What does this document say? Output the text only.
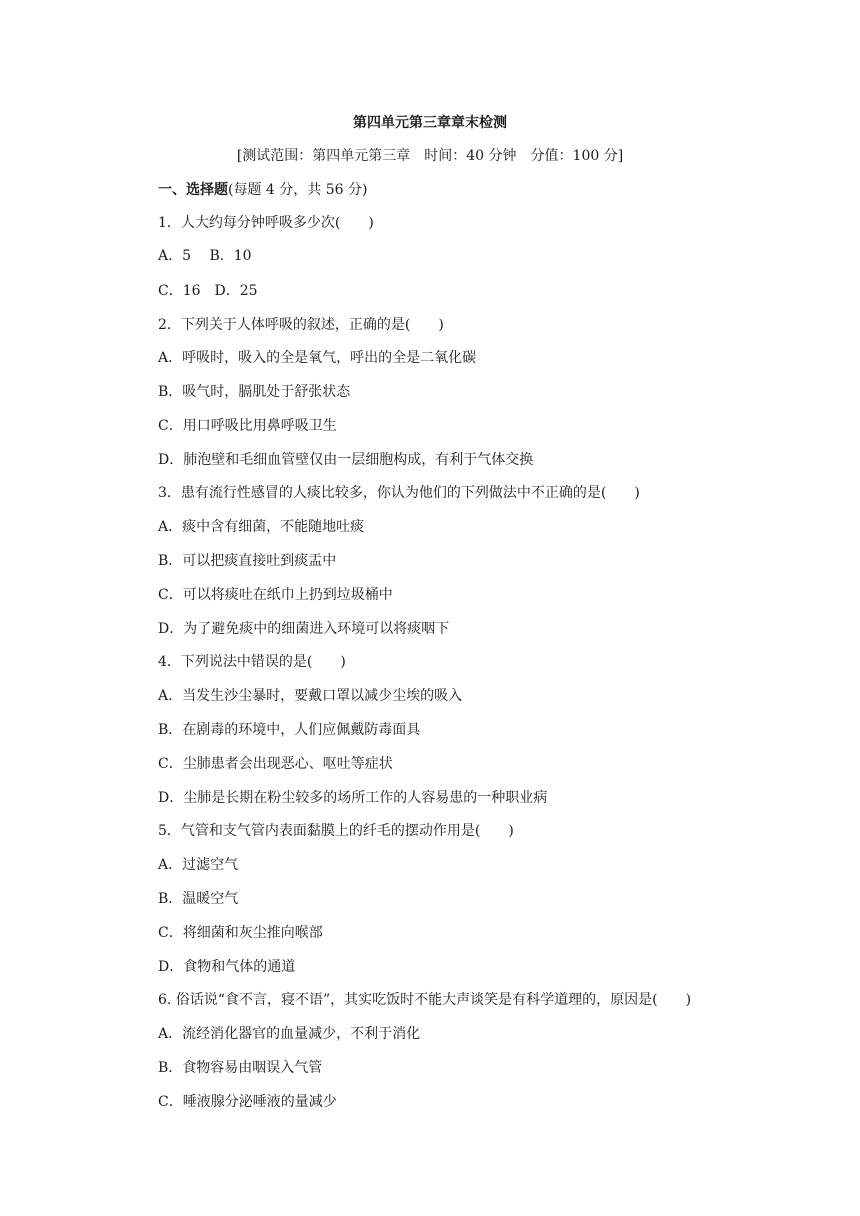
第四单元第三章章末检测
[测试范围：第四单元第三章　时间：40 分钟　分值：100 分]
一、选择题(每题 4 分，共 56 分)
1．人大约每分钟呼吸多少次(　　)
A．5　 B．10
C．16　D．25
2．下列关于人体呼吸的叙述，正确的是(　　)
A．呼吸时，吸入的全是氧气，呼出的全是二氧化碳
B．吸气时，膈肌处于舒张状态
C．用口呼吸比用鼻呼吸卫生
D．肺泡壁和毛细血管壁仅由一层细胞构成，有利于气体交换
3．患有流行性感冒的人痰比较多，你认为他们的下列做法中不正确的是(　　)
A．痰中含有细菌，不能随地吐痰
B．可以把痰直接吐到痰盂中
C．可以将痰吐在纸巾上扔到垃圾桶中
D．为了避免痰中的细菌进入环境可以将痰咽下
4．下列说法中错误的是(　　)
A．当发生沙尘暴时，要戴口罩以减少尘埃的吸入
B．在剧毒的环境中，人们应佩戴防毒面具
C．尘肺患者会出现恶心、呕吐等症状
D．尘肺是长期在粉尘较多的场所工作的人容易患的一种职业病
5．气管和支气管内表面黏膜上的纤毛的摆动作用是(　　)
A．过滤空气
B．温暖空气
C．将细菌和灰尘推向喉部
D．食物和气体的通道
6. 俗话说“食不言，寝不语”，其实吃饭时不能大声谈笑是有科学道理的，原因是(　　)
A．流经消化器官的血量减少，不利于消化
B．食物容易由咽误入气管
C．唾液腺分泌唾液的量减少
